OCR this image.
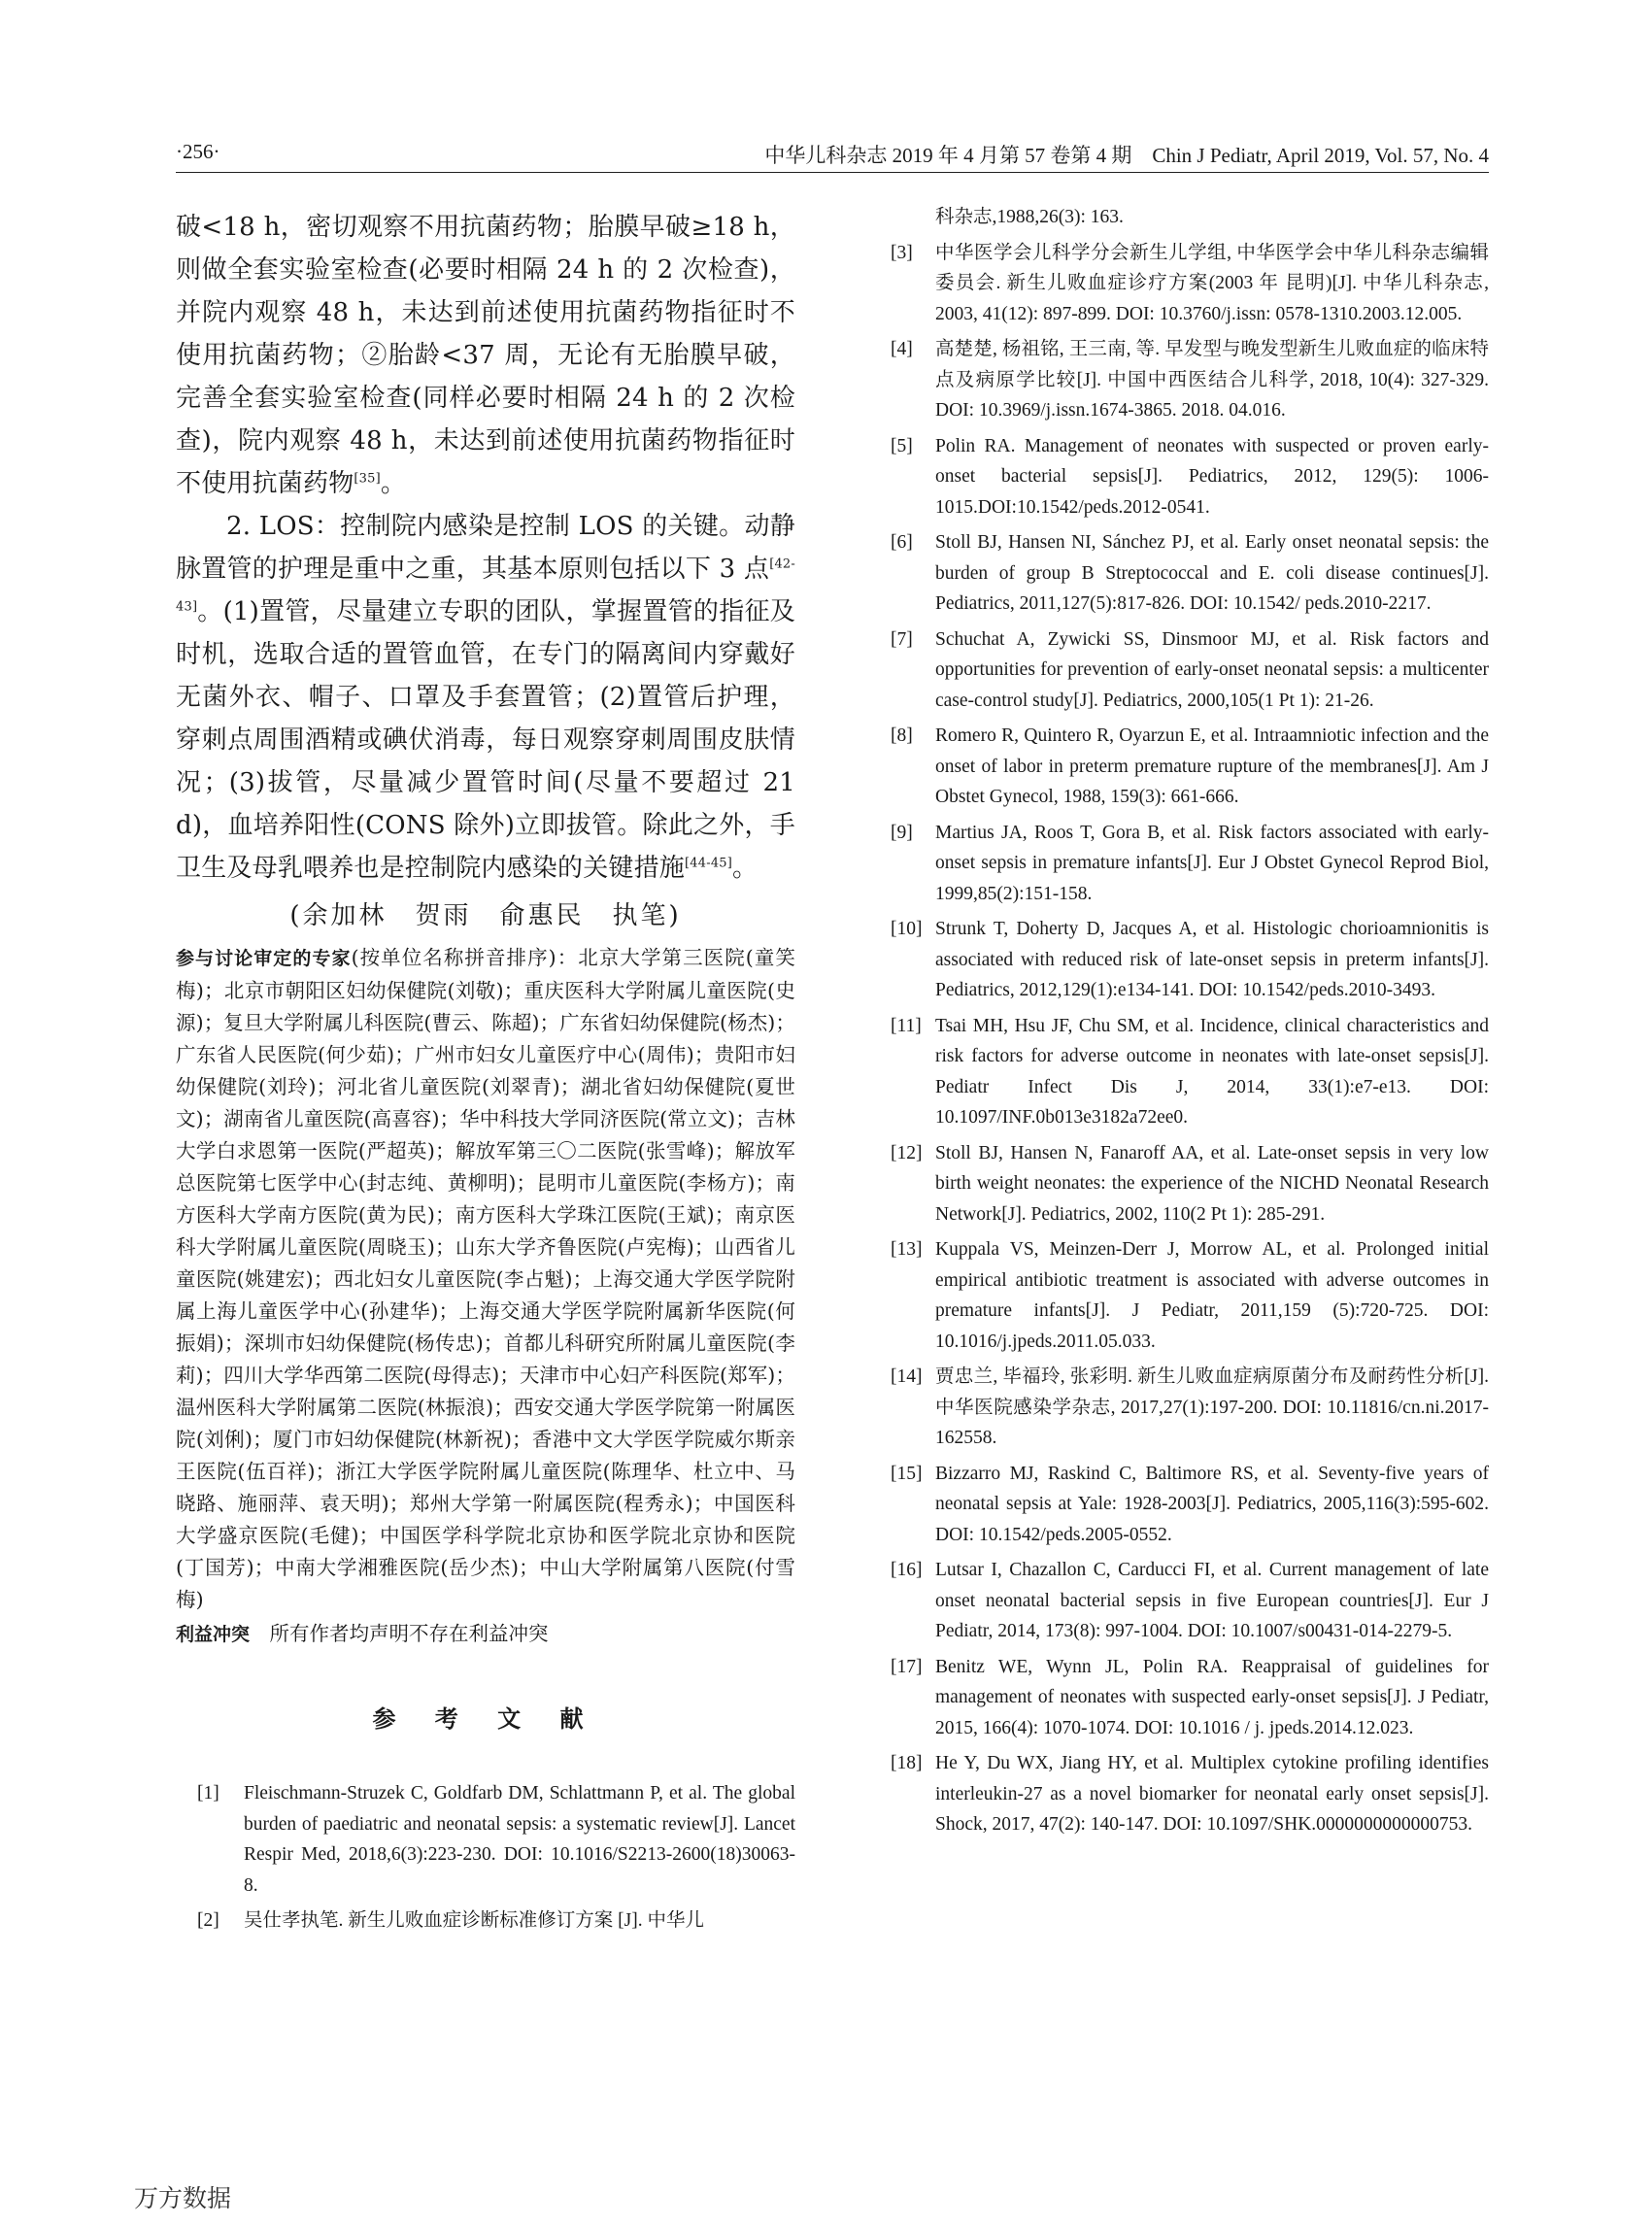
·256·	中华儿科杂志 2019 年 4 月第 57 卷第 4 期　Chin J Pediatr, April 2019, Vol. 57, No. 4

破<18 h，密切观察不用抗菌药物；胎膜早破≥18 h，则做全套实验室检查(必要时相隔 24 h 的 2 次检查)，并院内观察 48 h，未达到前述使用抗菌药物指征时不使用抗菌药物；②胎龄<37 周，无论有无胎膜早破，完善全套实验室检查(同样必要时相隔 24 h 的 2 次检查)，院内观察 48 h，未达到前述使用抗菌药物指征时不使用抗菌药物[35]。

2. LOS：控制院内感染是控制 LOS 的关键。动静脉置管的护理是重中之重，其基本原则包括以下 3 点[42-43]。(1)置管，尽量建立专职的团队，掌握置管的指征及时机，选取合适的置管血管，在专门的隔离间内穿戴好无菌外衣、帽子、口罩及手套置管；(2)置管后护理，穿刺点周围酒精或碘伏消毒，每日观察穿刺周围皮肤情况；(3)拔管，尽量减少置管时间(尽量不要超过 21 d)，血培养阳性(CONS 除外)立即拔管。除此之外，手卫生及母乳喂养也是控制院内感染的关键措施[44-45]。

(余加林　贺雨　俞惠民　执笔)
参与讨论审定的专家(按单位名称拼音排序)：北京大学第三医院(童笑梅)；北京市朝阳区妇幼保健院(刘敬)；重庆医科大学附属儿童医院(史源)；复旦大学附属儿科医院(曹云、陈超)；广东省妇幼保健院(杨杰)；广东省人民医院(何少茹)；广州市妇女儿童医疗中心(周伟)；贵阳市妇幼保健院(刘玲)；河北省儿童医院(刘翠青)；湖北省妇幼保健院(夏世文)；湖南省儿童医院(高喜容)；华中科技大学同济医院(常立文)；吉林大学白求恩第一医院(严超英)；解放军第三〇二医院(张雪峰)；解放军总医院第七医学中心(封志纯、黄柳明)；昆明市儿童医院(李杨方)；南方医科大学南方医院(黄为民)；南方医科大学珠江医院(王斌)；南京医科大学附属儿童医院(周晓玉)；山东大学齐鲁医院(卢宪梅)；山西省儿童医院(姚建宏)；西北妇女儿童医院(李占魁)；上海交通大学医学院附属上海儿童医学中心(孙建华)；上海交通大学医学院附属新华医院(何振娟)；深圳市妇幼保健院(杨传忠)；首都儿科研究所附属儿童医院(李莉)；四川大学华西第二医院(母得志)；天津市中心妇产科医院(郑军)；温州医科大学附属第二医院(林振浪)；西安交通大学医学院第一附属医院(刘俐)；厦门市妇幼保健院(林新祝)；香港中文大学医学院威尔斯亲王医院(伍百祥)；浙江大学医学院附属儿童医院(陈理华、杜立中、马晓路、施丽萍、袁天明)；郑州大学第一附属医院(程秀永)；中国医科大学盛京医院(毛健)；中国医学科学院北京协和医学院北京协和医院(丁国芳)；中南大学湘雅医院(岳少杰)；中山大学附属第八医院(付雪梅)
利益冲突　 所有作者均声明不存在利益冲突
参 考 文 献
[1]	Fleischmann-Struzek C, Goldfarb DM, Schlattmann P, et al. The global burden of paediatric and neonatal sepsis: a systematic review[J]. Lancet Respir Med, 2018,6(3):223-230. DOI: 10.1016/S2213-2600(18)30063-8.
[2]	吴仕孝执笔. 新生儿败血症诊断标准修订方案 [J]. 中华儿
科杂志,1988,26(3): 163.
[3]	中华医学会儿科学分会新生儿学组, 中华医学会中华儿科杂志编辑委员会. 新生儿败血症诊疗方案(2003 年 昆明)[J]. 中华儿科杂志, 2003, 41(12): 897-899. DOI: 10.3760/j.issn: 0578-1310.2003.12.005.
[4]	高楚楚, 杨祖铭, 王三南, 等. 早发型与晚发型新生儿败血症的临床特点及病原学比较[J]. 中国中西医结合儿科学, 2018, 10(4): 327-329. DOI: 10.3969/j.issn.1674-3865. 2018. 04.016.
[5]	Polin RA. Management of neonates with suspected or proven early-onset bacterial sepsis[J]. Pediatrics, 2012, 129(5): 1006-1015.DOI:10.1542/peds.2012-0541.
[6]	Stoll BJ, Hansen NI, Sánchez PJ, et al. Early onset neonatal sepsis: the burden of group B Streptococcal and E. coli disease continues[J]. Pediatrics, 2011,127(5):817-826. DOI: 10.1542/ peds.2010-2217.
[7]	Schuchat A, Zywicki SS, Dinsmoor MJ, et al. Risk factors and opportunities for prevention of early-onset neonatal sepsis: a multicenter case-control study[J]. Pediatrics, 2000,105(1 Pt 1): 21-26.
[8]	Romero R, Quintero R, Oyarzun E, et al. Intraamniotic infection and the onset of labor in preterm premature rupture of the membranes[J]. Am J Obstet Gynecol, 1988, 159(3): 661-666.
[9]	Martius JA, Roos T, Gora B, et al. Risk factors associated with early-onset sepsis in premature infants[J]. Eur J Obstet Gynecol Reprod Biol, 1999,85(2):151-158.
[10] Strunk T, Doherty D, Jacques A, et al. Histologic chorioamnionitis is associated with reduced risk of late-onset sepsis in preterm infants[J]. Pediatrics, 2012,129(1):e134-141. DOI: 10.1542/peds.2010-3493.
[11] Tsai MH, Hsu JF, Chu SM, et al. Incidence, clinical characteristics and risk factors for adverse outcome in neonates with late-onset sepsis[J]. Pediatr Infect Dis J, 2014, 33(1):e7-e13. DOI: 10.1097/INF.0b013e3182a72ee0.
[12] Stoll BJ, Hansen N, Fanaroff AA, et al. Late-onset sepsis in very low birth weight neonates: the experience of the NICHD Neonatal Research Network[J]. Pediatrics, 2002, 110(2 Pt 1): 285-291.
[13] Kuppala VS, Meinzen-Derr J, Morrow AL, et al. Prolonged initial empirical antibiotic treatment is associated with adverse outcomes in premature infants[J]. J Pediatr, 2011,159 (5):720-725. DOI: 10.1016/j.jpeds.2011.05.033.
[14] 贾忠兰, 毕福玲, 张彩明. 新生儿败血症病原菌分布及耐药性分析[J]. 中华医院感染学杂志, 2017,27(1):197-200. DOI: 10.11816/cn.ni.2017-162558.
[15] Bizzarro MJ, Raskind C, Baltimore RS, et al. Seventy-five years of neonatal sepsis at Yale: 1928-2003[J]. Pediatrics, 2005,116(3):595-602. DOI: 10.1542/peds.2005-0552.
[16] Lutsar I, Chazallon C, Carducci FI, et al. Current management of late onset neonatal bacterial sepsis in five European countries[J]. Eur J Pediatr, 2014, 173(8): 997-1004. DOI: 10.1007/s00431-014-2279-5.
[17] Benitz WE, Wynn JL, Polin RA. Reappraisal of guidelines for management of neonates with suspected early-onset sepsis[J]. J Pediatr, 2015, 166(4): 1070-1074. DOI: 10.1016 / j. jpeds.2014.12.023.
[18] He Y, Du WX, Jiang HY, et al. Multiplex cytokine profiling identifies interleukin-27 as a novel biomarker for neonatal early onset sepsis[J]. Shock, 2017, 47(2): 140-147. DOI: 10.1097/SHK.0000000000000753.
万方数据
